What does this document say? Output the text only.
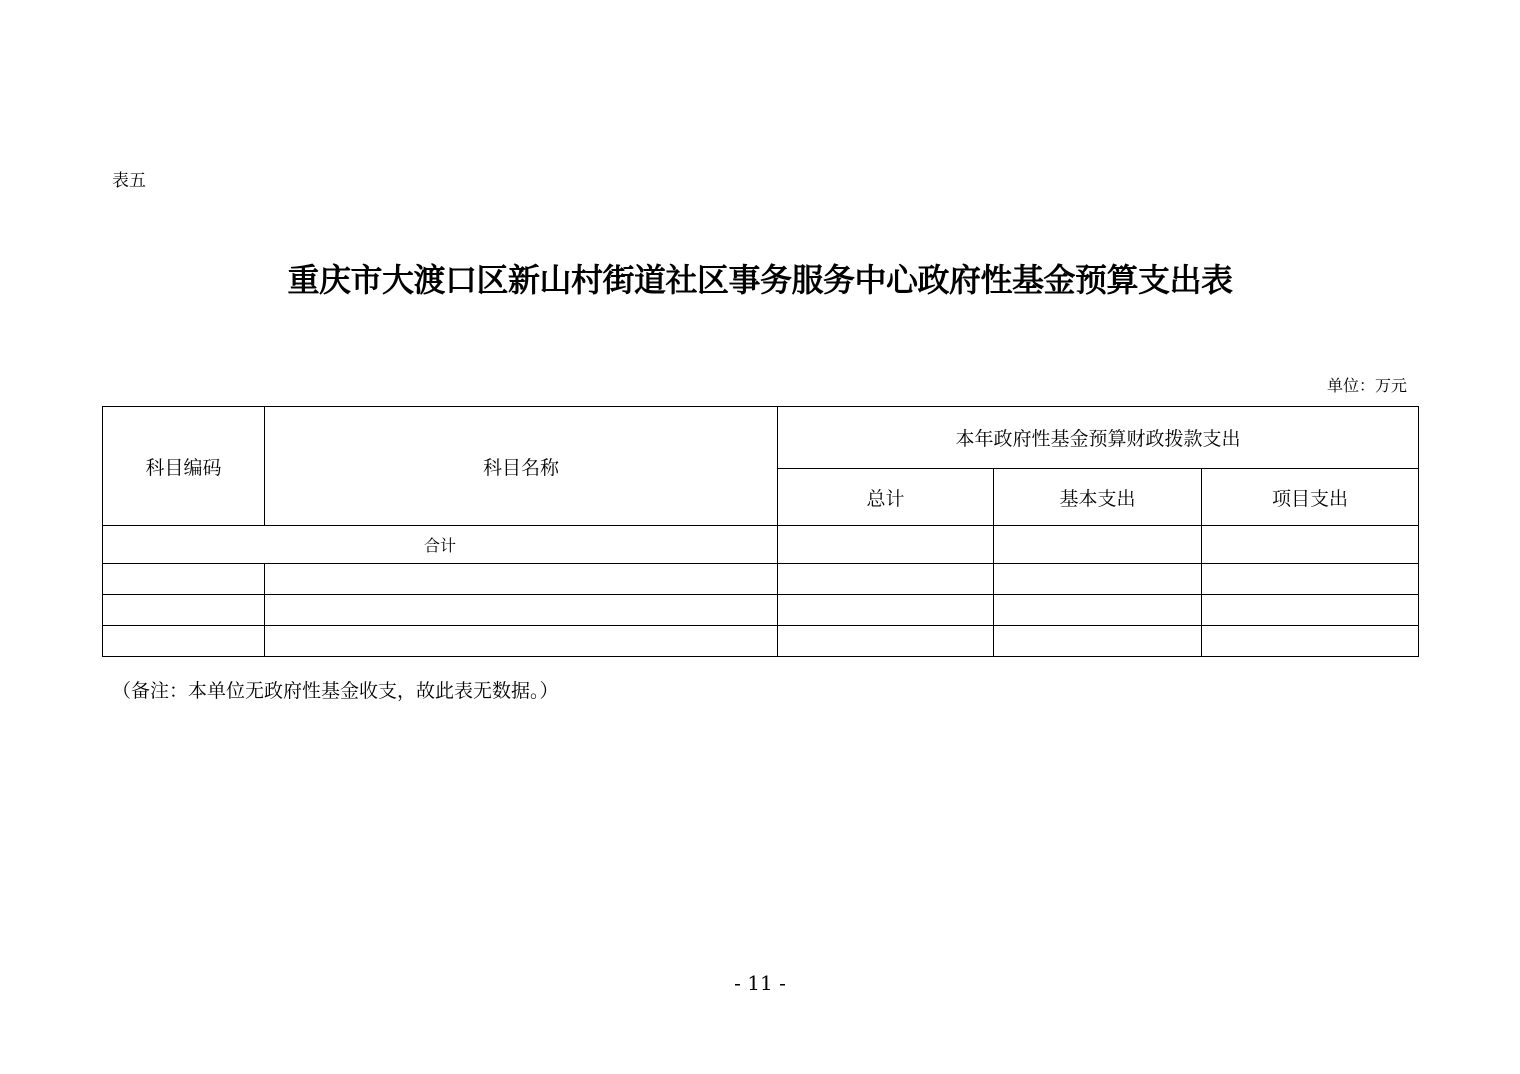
表五
重庆市大渡口区新山村街道社区事务服务中心政府性基金预算支出表
单位：万元
科目编码	科目名称	本年政府性基金预算财政拨款支出		
		总计	基本支出	项目支出
合计				

（备注：本单位无政府性基金收支，故此表无数据。）
- 11 -
